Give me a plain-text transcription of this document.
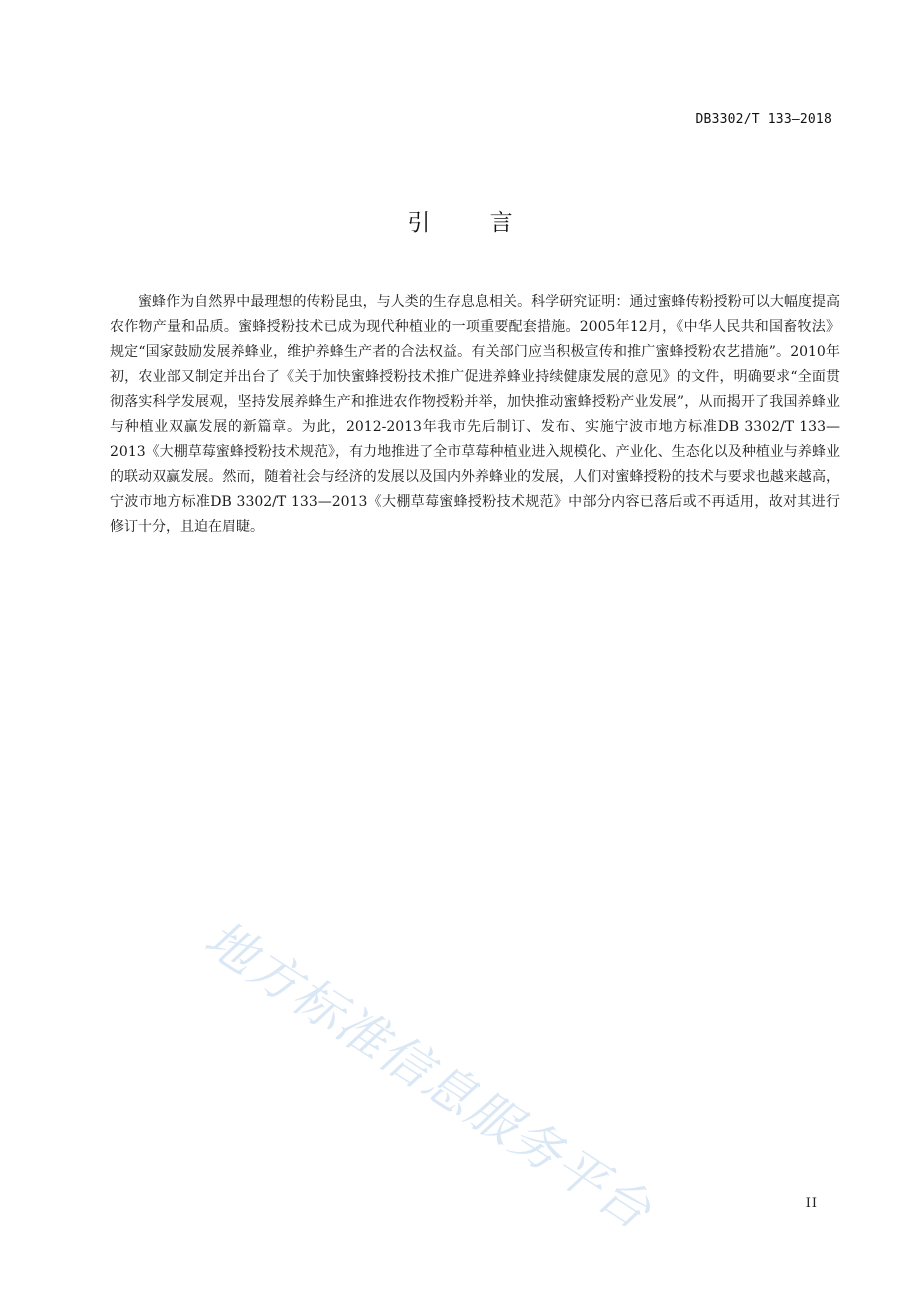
DB3302/T 133—2018
引 言

蜜蜂作为自然界中最理想的传粉昆虫，与人类的生存息息相关。科学研究证明：通过蜜蜂传粉授粉可以大幅度提高农作物产量和品质。蜜蜂授粉技术已成为现代种植业的一项重要配套措施。2005年12月，《中华人民共和国畜牧法》规定“国家鼓励发展养蜂业，维护养蜂生产者的合法权益。有关部门应当积极宣传和推广蜜蜂授粉农艺措施”。2010年初，农业部又制定并出台了《关于加快蜜蜂授粉技术推广促进养蜂业持续健康发展的意见》的文件，明确要求“全面贯彻落实科学发展观，坚持发展养蜂生产和推进农作物授粉并举，加快推动蜜蜂授粉产业发展”，从而揭开了我国养蜂业与种植业双赢发展的新篇章。为此，2012-2013年我市先后制订、发布、实施宁波市地方标准DB 3302/T 133—2013《大棚草莓蜜蜂授粉技术规范》，有力地推进了全市草莓种植业进入规模化、产业化、生态化以及种植业与养蜂业的联动双赢发展。然而，随着社会与经济的发展以及国内外养蜂业的发展，人们对蜜蜂授粉的技术与要求也越来越高，宁波市地方标准DB 3302/T 133—2013《大棚草莓蜜蜂授粉技术规范》中部分内容已落后或不再适用，故对其进行修订十分，且迫在眉睫。

地方标准信息服务平台	II
